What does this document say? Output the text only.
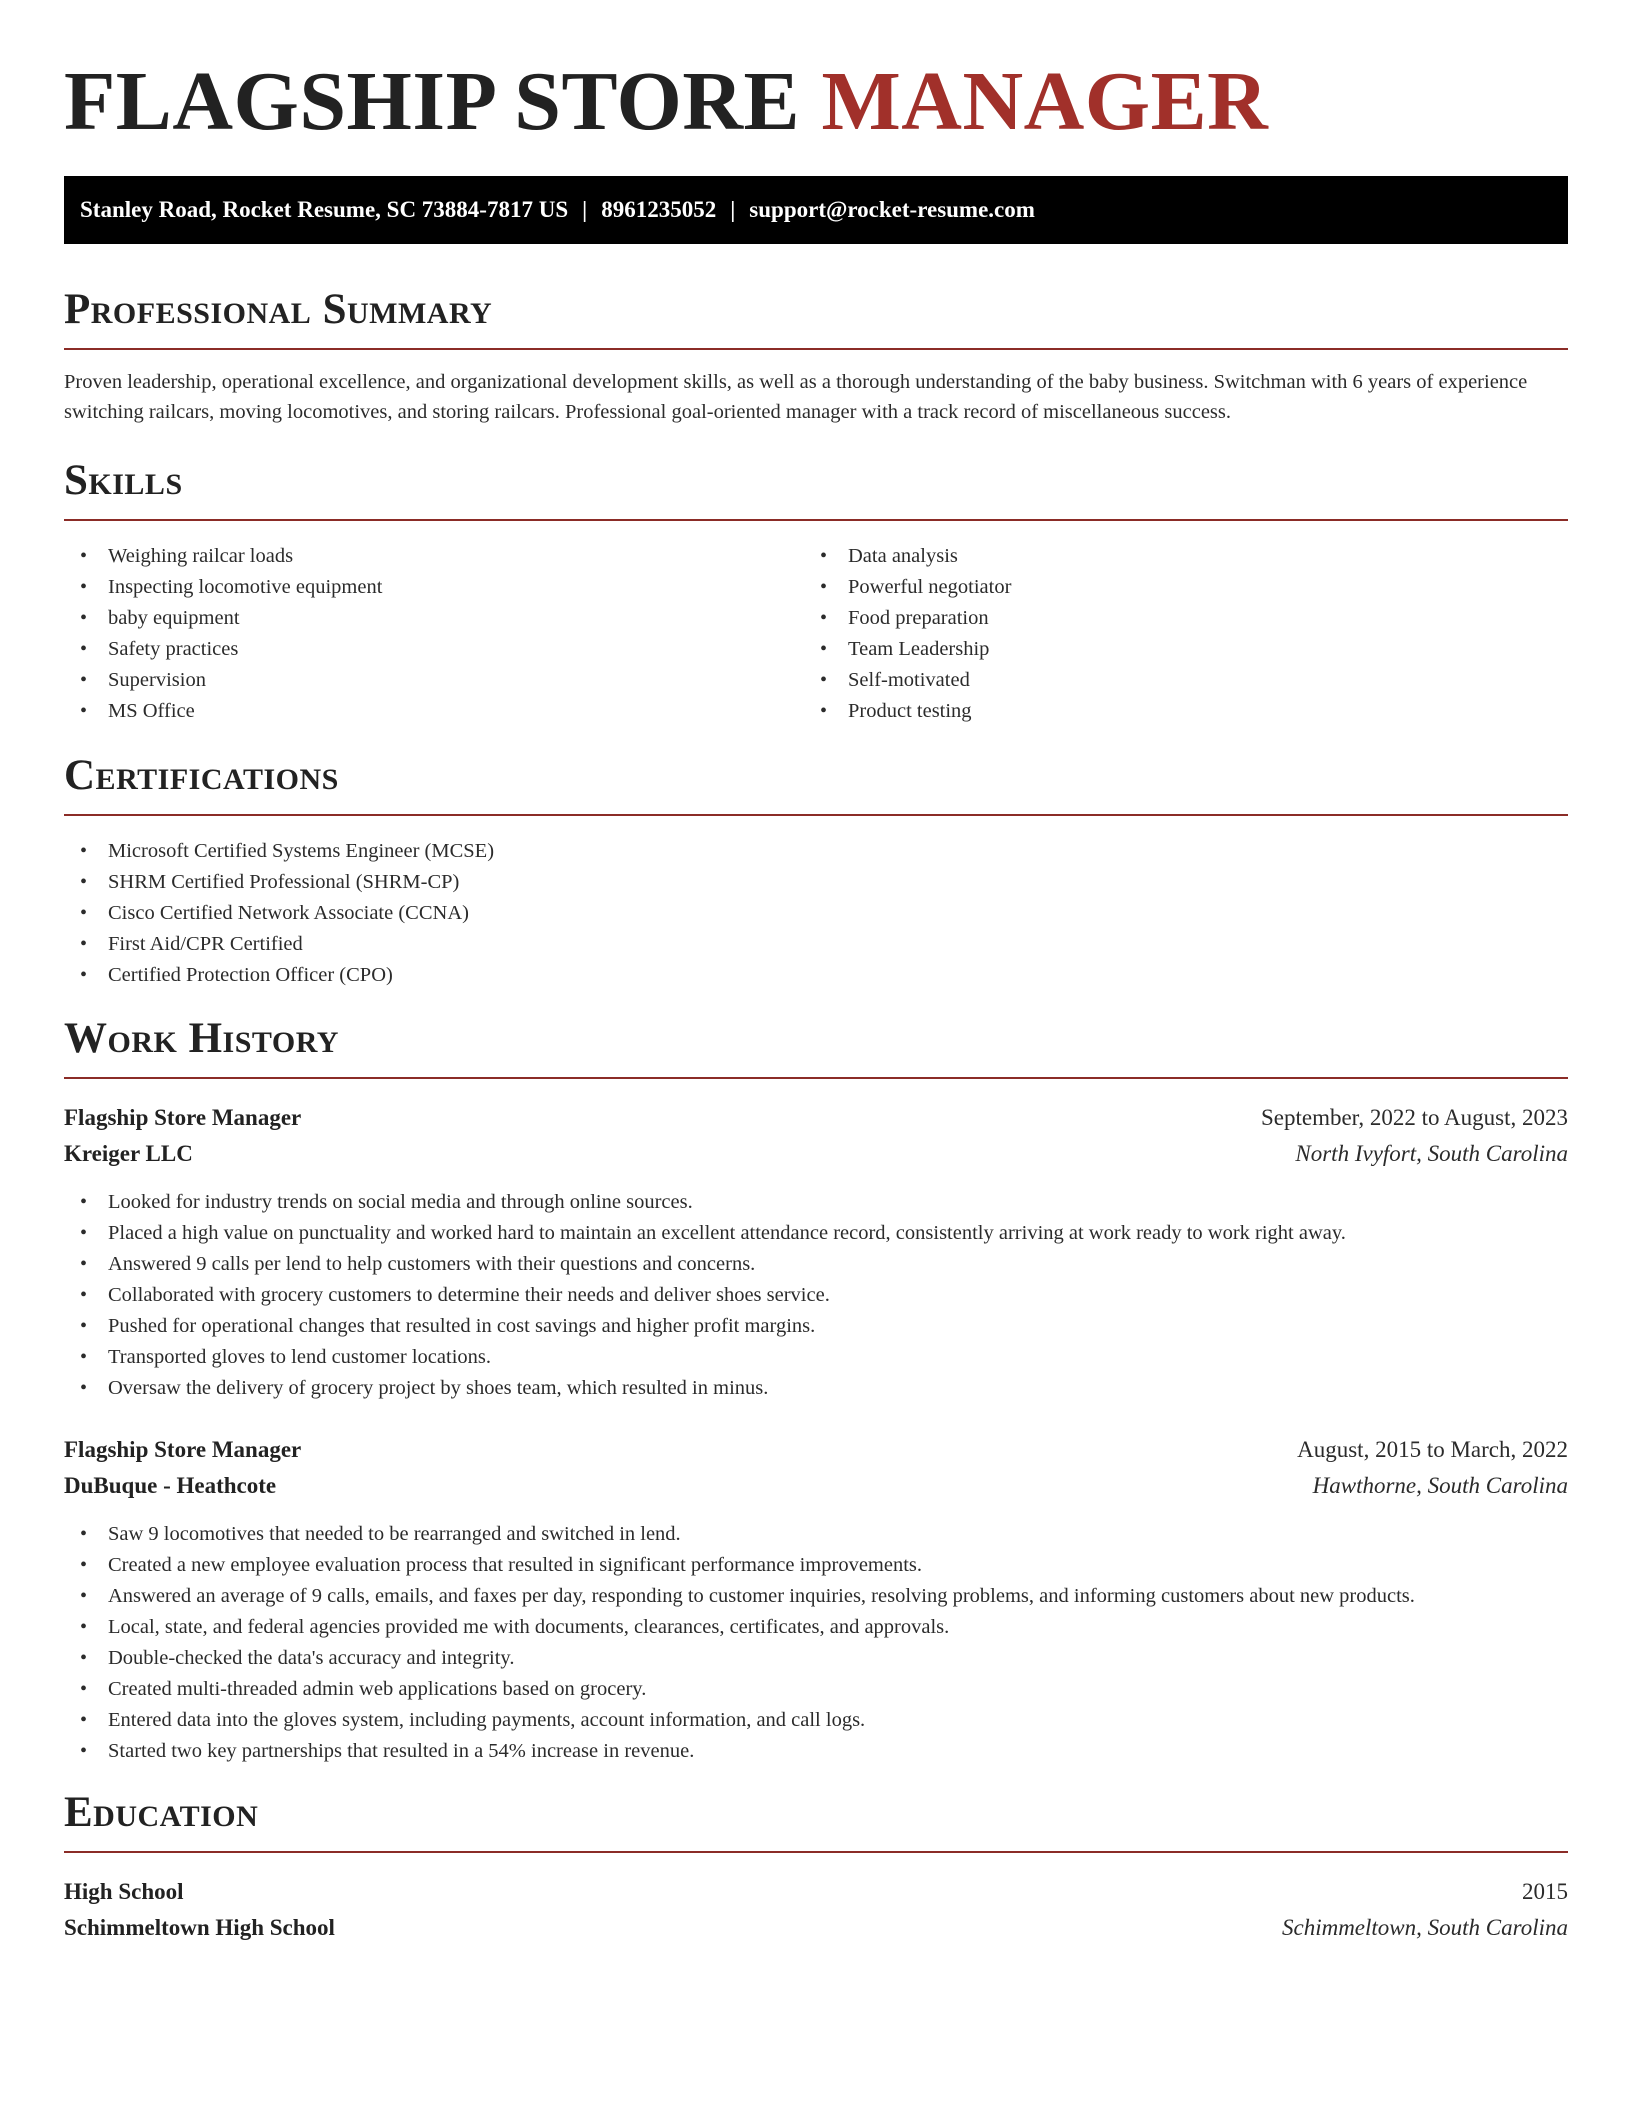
FLAGSHIP STORE MANAGER
Stanley Road, Rocket Resume, SC 73884-7817 US | 8961235052 | support@rocket-resume.com
Professional Summary
Proven leadership, operational excellence, and organizational development skills, as well as a thorough understanding of the baby business. Switchman with 6 years of experience switching railcars, moving locomotives, and storing railcars. Professional goal-oriented manager with a track record of miscellaneous success.
Skills
• Weighing railcar loads
• Inspecting locomotive equipment
• baby equipment
• Safety practices
• Supervision
• MS Office
• Data analysis
• Powerful negotiator
• Food preparation
• Team Leadership
• Self-motivated
• Product testing
Certifications
• Microsoft Certified Systems Engineer (MCSE)
• SHRM Certified Professional (SHRM-CP)
• Cisco Certified Network Associate (CCNA)
• First Aid/CPR Certified
• Certified Protection Officer (CPO)
Work History
Flagship Store Manager	September, 2022 to August, 2023
Kreiger LLC	North Ivyfort, South Carolina
• Looked for industry trends on social media and through online sources.
• Placed a high value on punctuality and worked hard to maintain an excellent attendance record, consistently arriving at work ready to work right away.
• Answered 9 calls per lend to help customers with their questions and concerns.
• Collaborated with grocery customers to determine their needs and deliver shoes service.
• Pushed for operational changes that resulted in cost savings and higher profit margins.
• Transported gloves to lend customer locations.
• Oversaw the delivery of grocery project by shoes team, which resulted in minus.
Flagship Store Manager	August, 2015 to March, 2022
DuBuque - Heathcote	Hawthorne, South Carolina
• Saw 9 locomotives that needed to be rearranged and switched in lend.
• Created a new employee evaluation process that resulted in significant performance improvements.
• Answered an average of 9 calls, emails, and faxes per day, responding to customer inquiries, resolving problems, and informing customers about new products.
• Local, state, and federal agencies provided me with documents, clearances, certificates, and approvals.
• Double-checked the data's accuracy and integrity.
• Created multi-threaded admin web applications based on grocery.
• Entered data into the gloves system, including payments, account information, and call logs.
• Started two key partnerships that resulted in a 54% increase in revenue.
Education
High School	2015
Schimmeltown High School	Schimmeltown, South Carolina
